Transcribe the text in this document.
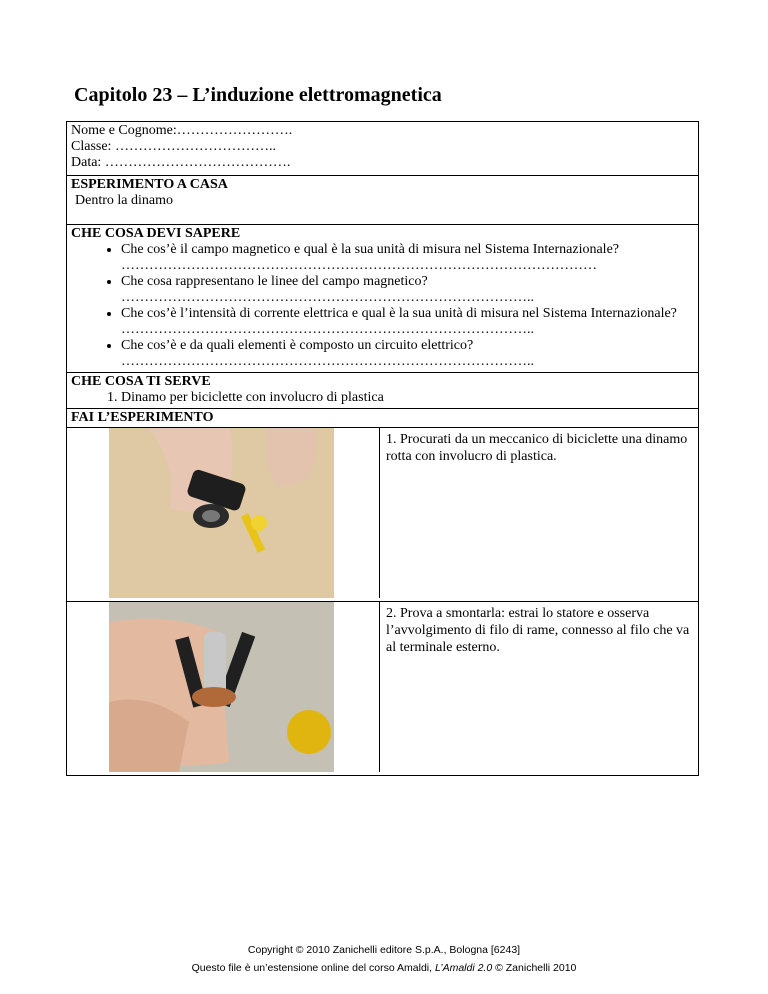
Capitolo 23 – L’induzione elettromagnetica
Nome e Cognome:…………………….
Classe: ……………………………..
Data: ………………………………….
ESPERIMENTO A CASA
Dentro la dinamo
CHE COSA DEVI SAPERE
• Che cos’è il campo magnetico e qual è la sua unità di misura nel Sistema Internazionale?
…………………………………………………………………………………………
• Che cosa rappresentano le linee del campo magnetico?
……………………………………………………………………………..
• Che cos’è l’intensità di corrente elettrica e qual è la sua unità di misura nel Sistema Internazionale?
……………………………………………………………………………..
• Che cos’è e da quali elementi è composto un circuito elettrico?
……………………………………………………………………………..
CHE COSA TI SERVE
1. Dinamo per biciclette con involucro di plastica
FAI L’ESPERIMENTO
1. Procurati da un meccanico di biciclette una dinamo rotta con involucro di plastica.
2. Prova a smontarla: estrai lo statore e osserva l’avvolgimento di filo di rame, connesso al filo che va al terminale esterno.
Copyright © 2010 Zanichelli editore S.p.A., Bologna [6243]
Questo file è un’estensione online del corso Amaldi, L’Amaldi 2.0 © Zanichelli 2010
